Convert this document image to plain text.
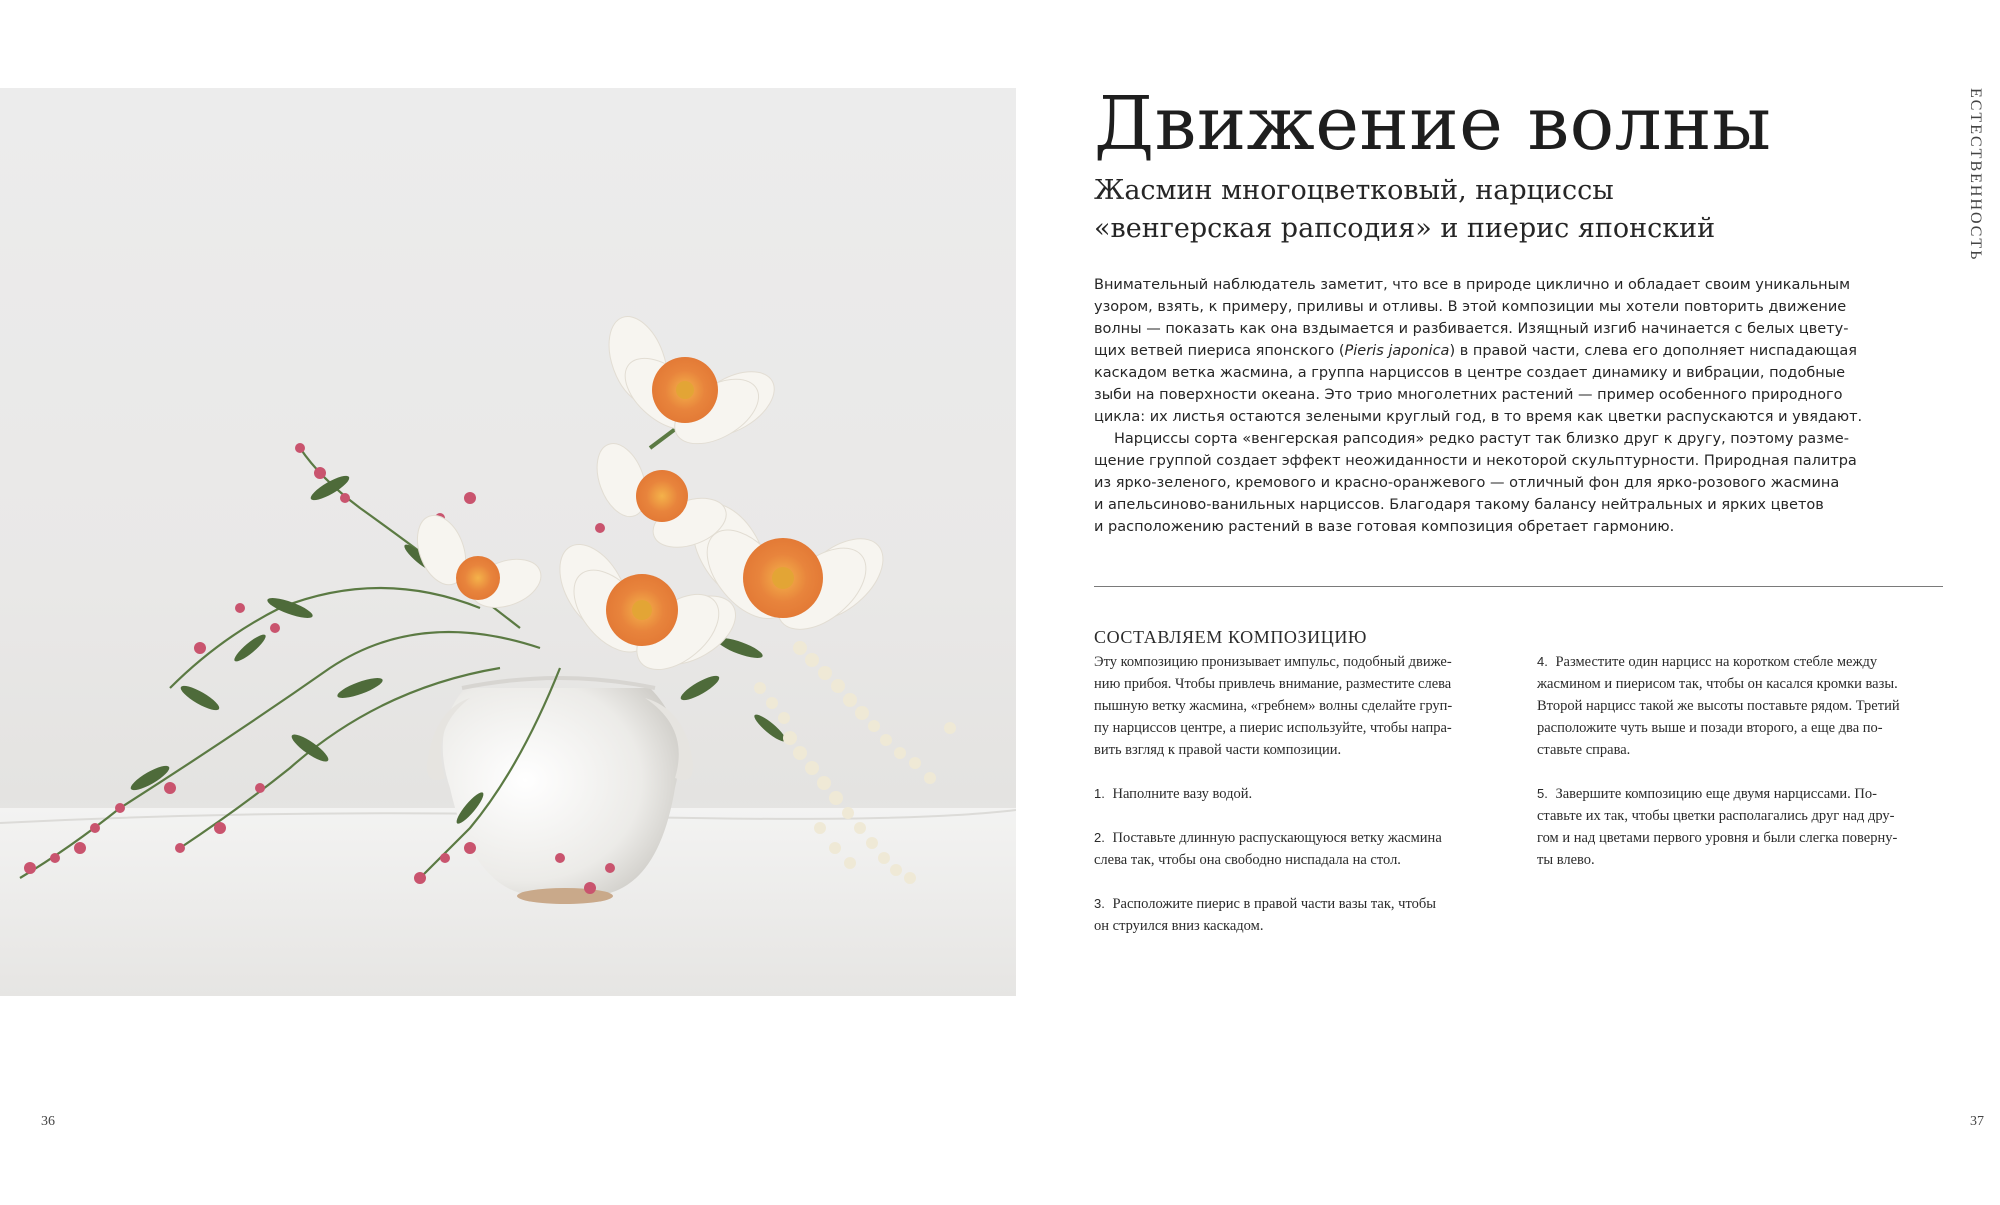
Движение волны
Жасмин многоцветковый, нарциссы
«венгерская рапсодия» и пиерис японский
Внимательный наблюдатель заметит, что все в природе циклично и обладает своим уникальным
узором, взять, к примеру, приливы и отливы. В этой композиции мы хотели повторить движение
волны — показать как она вздымается и разбивается. Изящный изгиб начинается с белых цвету-
щих ветвей пиериса японского (Pieris japonica) в правой части, слева его дополняет ниспадающая
каскадом ветка жасмина, а группа нарциссов в центре создает динамику и вибрации, подобные
зыби на поверхности океана. Это трио многолетних растений — пример особенного природного
цикла: их листья остаются зелеными круглый год, в то время как цветки распускаются и увядают.
Нарциссы сорта «венгерская рапсодия» редко растут так близко друг к другу, поэтому разме-
щение группой создает эффект неожиданности и некоторой скульптурности. Природная палитра
из ярко-зеленого, кремового и красно-оранжевого — отличный фон для ярко-розового жасмина
и апельсиново-ванильных нарциссов. Благодаря такому балансу нейтральных и ярких цветов
и расположению растений в вазе готовая композиция обретает гармонию.
СОСТАВЛЯЕМ КОМПОЗИЦИЮ
Эту композицию пронизывает импульс, подобный движе-
нию прибоя. Чтобы привлечь внимание, разместите слева
пышную ветку жасмина, «гребнем» волны сделайте груп-
пу нарциссов центре, а пиерис используйте, чтобы напра-
вить взгляд к правой части композиции.
1. Наполните вазу водой.
2. Поставьте длинную распускающуюся ветку жасмина
слева так, чтобы она свободно ниспадала на стол.
3. Расположите пиерис в правой части вазы так, чтобы
он струился вниз каскадом.
4. Разместите один нарцисс на коротком стебле между
жасмином и пиерисом так, чтобы он касался кромки вазы.
Второй нарцисс такой же высоты поставьте рядом. Третий
расположите чуть выше и позади второго, а еще два по-
ставьте справа.
5. Завершите композицию еще двумя нарциссами. По-
ставьте их так, чтобы цветки располагались друг над дру-
гом и над цветами первого уровня и были слегка поверну-
ты влево.
ЕСТЕСТВЕННОСТЬ
36	37
